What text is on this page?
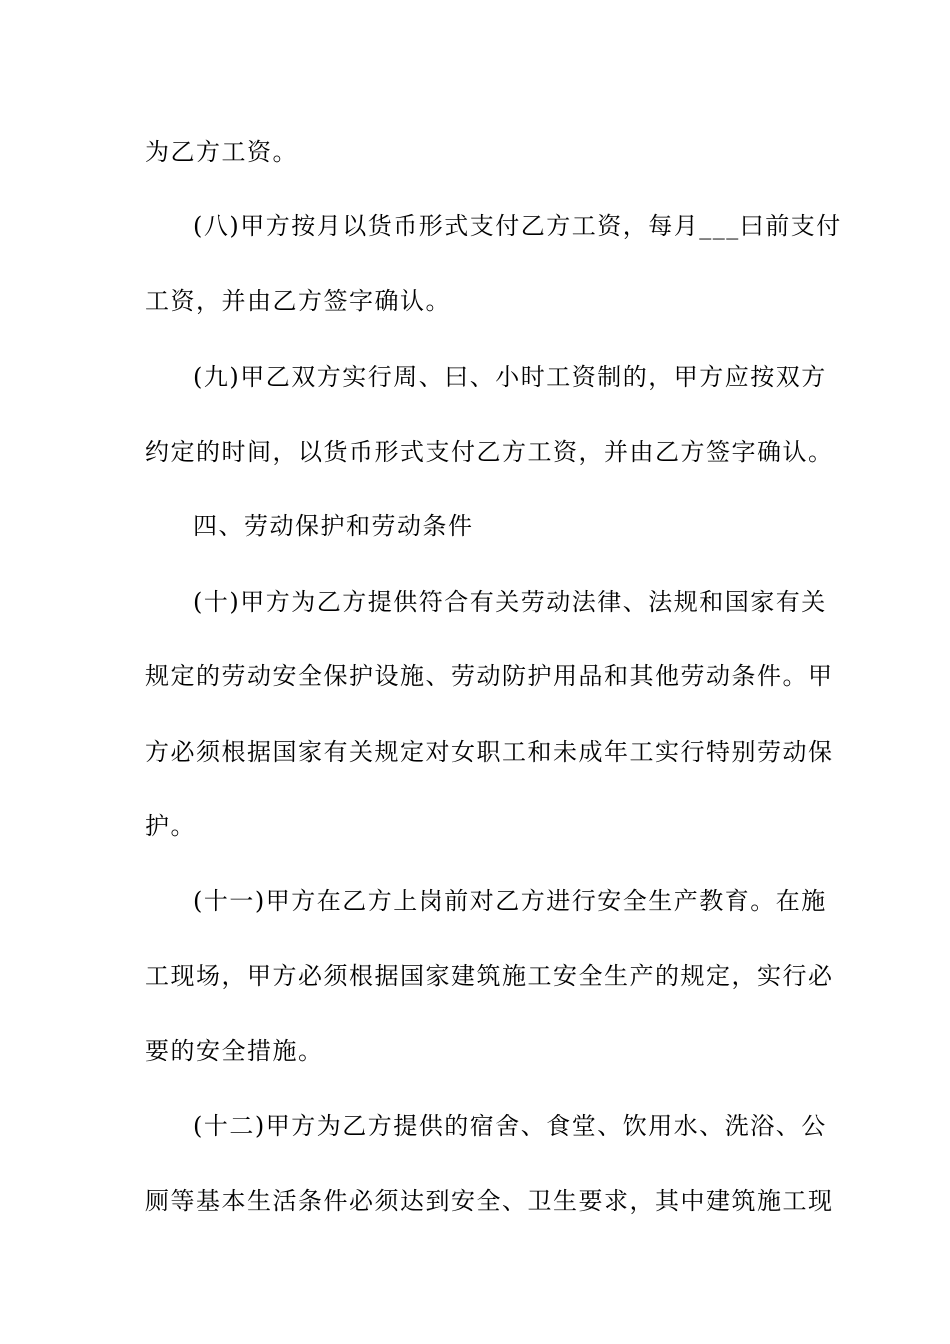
为乙方工资。
(八)甲方按月以货币形式支付乙方工资，每月___曰前支付
工资，并由乙方签字确认。
(九)甲乙双方实行周、曰、小时工资制的，甲方应按双方
约定的时间，以货币形式支付乙方工资，并由乙方签字确认。
四、劳动保护和劳动条件
(十)甲方为乙方提供符合有关劳动法律、法规和国家有关
规定的劳动安全保护设施、劳动防护用品和其他劳动条件。甲
方必须根据国家有关规定对女职工和未成年工实行特别劳动保
护。
(十一)甲方在乙方上岗前对乙方进行安全生产教育。在施
工现场，甲方必须根据国家建筑施工安全生产的规定，实行必
要的安全措施。
(十二)甲方为乙方提供的宿舍、食堂、饮用水、洗浴、公
厕等基本生活条件必须达到安全、卫生要求，其中建筑施工现
